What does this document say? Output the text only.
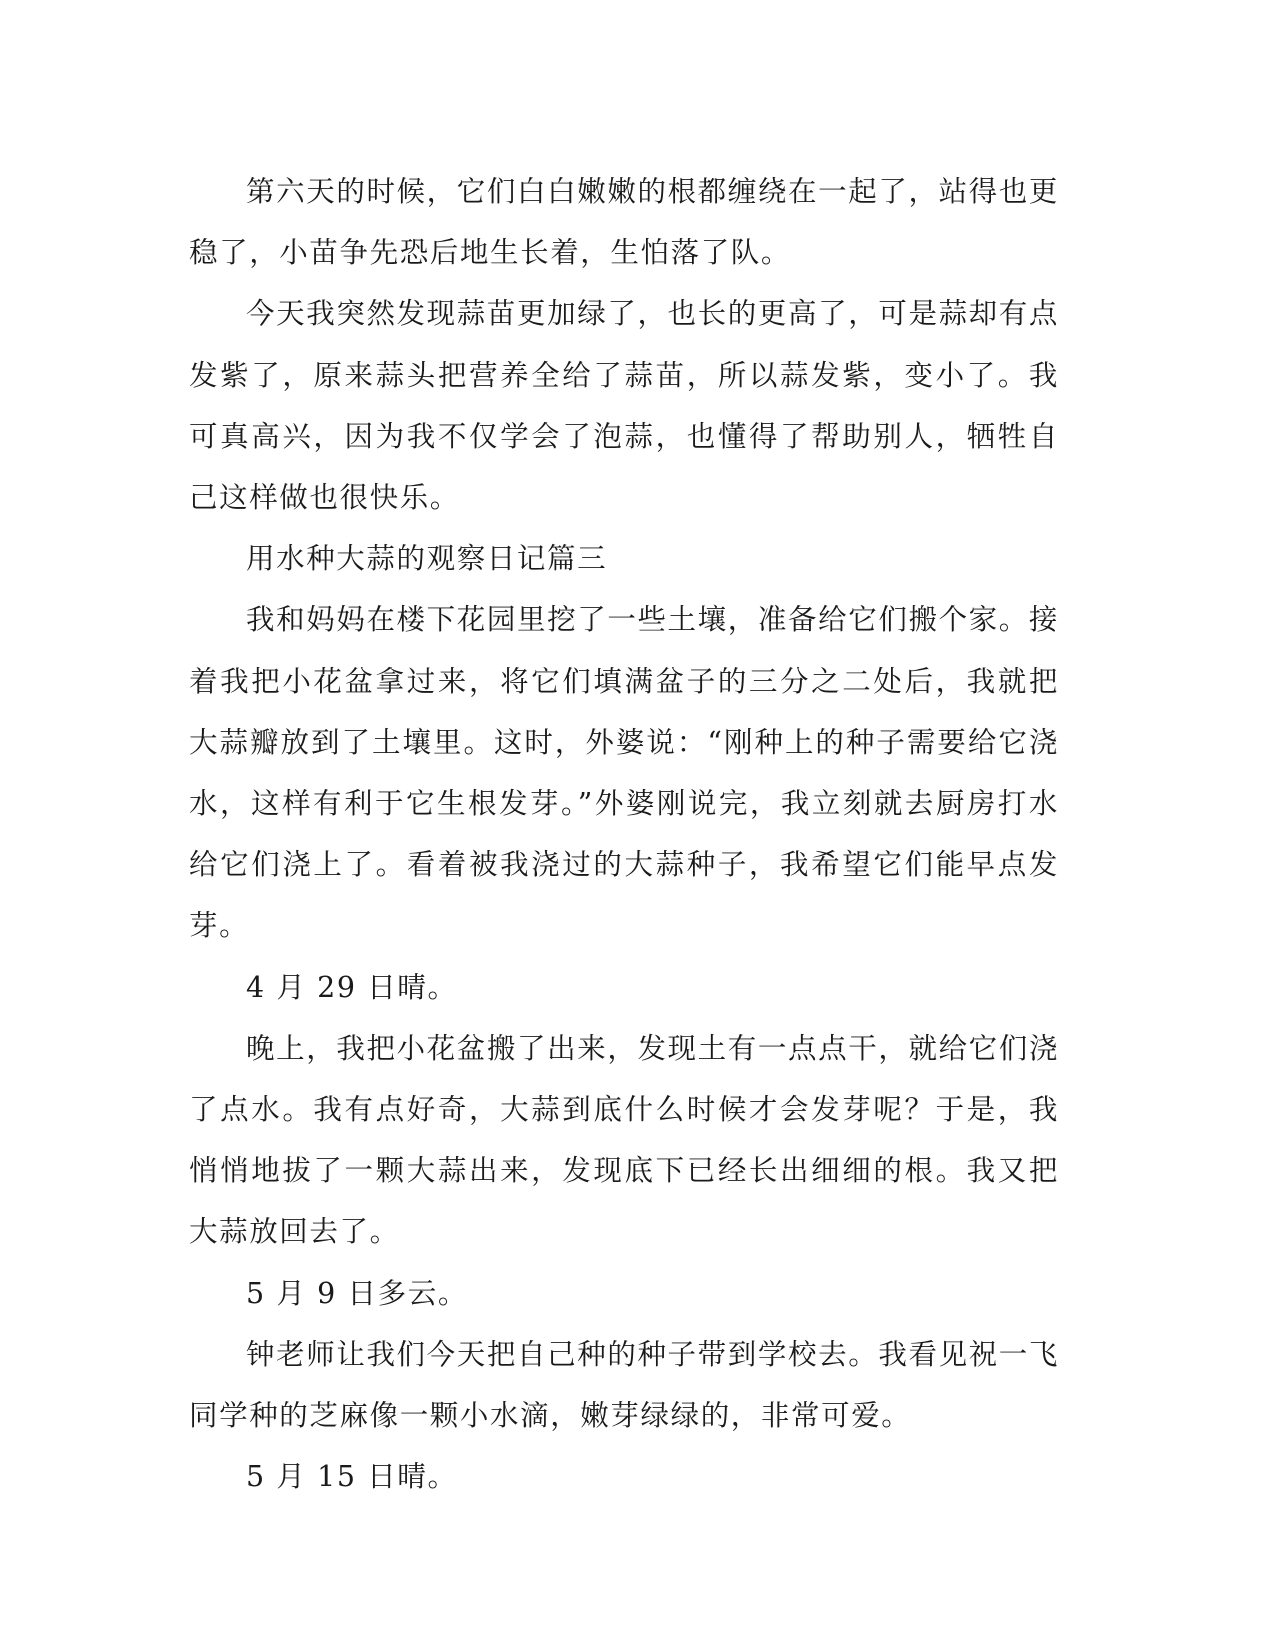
第六天的时候，它们白白嫩嫩的根都缠绕在一起了，站得也更稳了，小苗争先恐后地生长着，生怕落了队。

今天我突然发现蒜苗更加绿了，也长的更高了，可是蒜却有点发紫了，原来蒜头把营养全给了蒜苗，所以蒜发紫，变小了。我可真高兴，因为我不仅学会了泡蒜，也懂得了帮助别人，牺牲自己这样做也很快乐。

用水种大蒜的观察日记篇三

我和妈妈在楼下花园里挖了一些土壤，准备给它们搬个家。接着我把小花盆拿过来，将它们填满盆子的三分之二处后，我就把大蒜瓣放到了土壤里。这时，外婆说：“刚种上的种子需要给它浇水，这样有利于它生根发芽。”外婆刚说完，我立刻就去厨房打水给它们浇上了。看着被我浇过的大蒜种子，我希望它们能早点发芽。

4 月 29 日晴。

晚上，我把小花盆搬了出来，发现土有一点点干，就给它们浇了点水。我有点好奇，大蒜到底什么时候才会发芽呢？于是，我悄悄地拔了一颗大蒜出来，发现底下已经长出细细的根。我又把大蒜放回去了。

5 月 9 日多云。

钟老师让我们今天把自己种的种子带到学校去。我看见祝一飞同学种的芝麻像一颗小水滴，嫩芽绿绿的，非常可爱。

5 月 15 日晴。
